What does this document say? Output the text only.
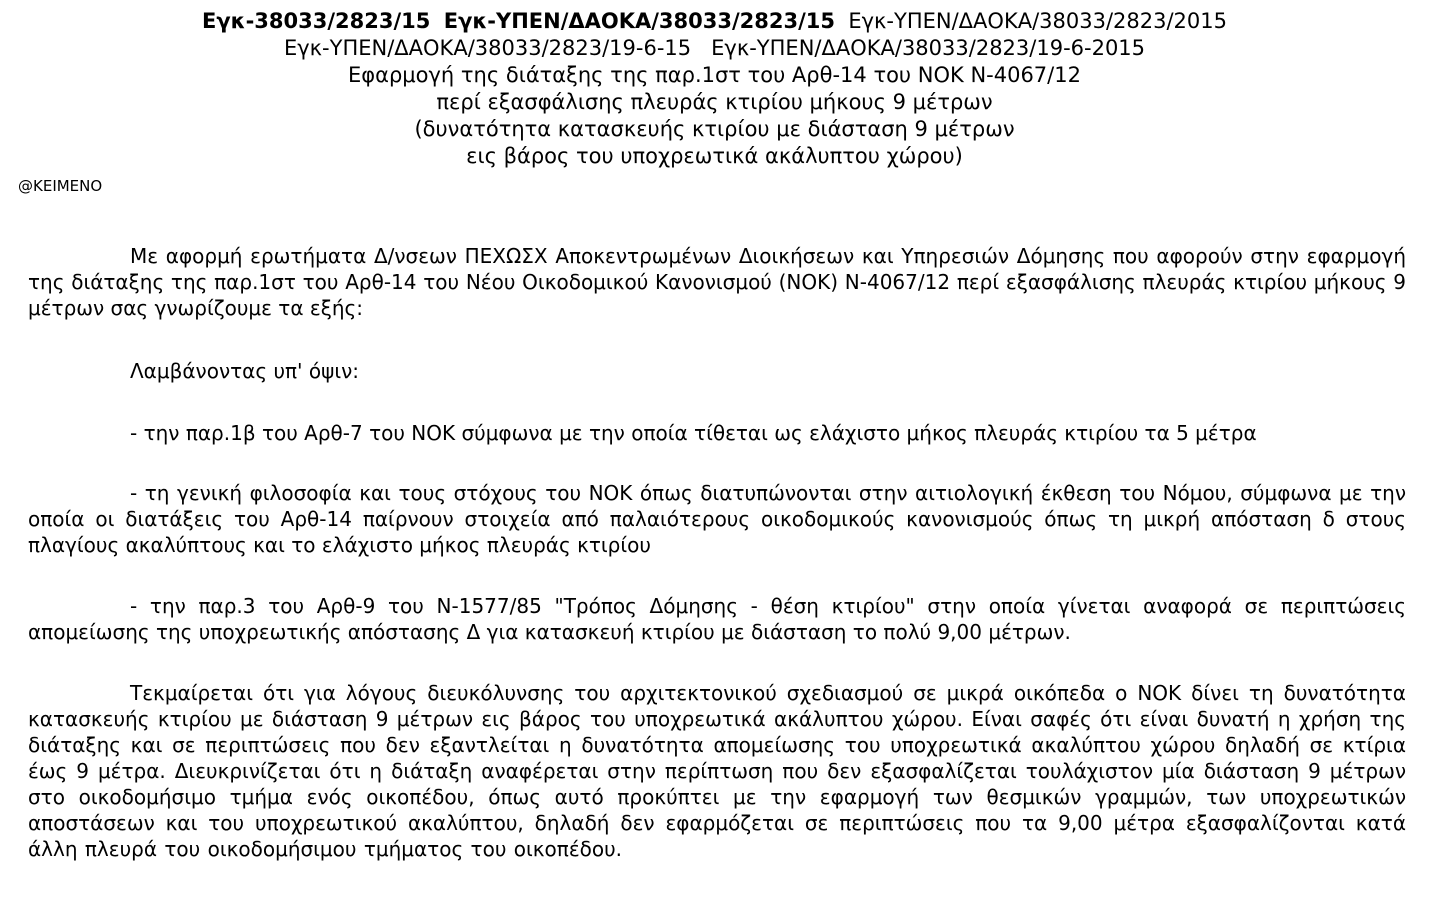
Εγκ-38033/2823/15 Εγκ-ΥΠΕΝ/ΔΑΟΚΑ/38033/2823/15 Εγκ-ΥΠΕΝ/ΔΑΟΚΑ/38033/2823/2015
Εγκ-ΥΠΕΝ/ΔΑΟΚΑ/38033/2823/19-6-15 Εγκ-ΥΠΕΝ/ΔΑΟΚΑ/38033/2823/19-6-2015
Εφαρμογή της διάταξης της παρ.1στ του Αρθ-14 του ΝΟΚ Ν-4067/12
περί εξασφάλισης πλευράς κτιρίου μήκους 9 μέτρων
(δυνατότητα κατασκευής κτιρίου με διάσταση 9 μέτρων
εις βάρος του υποχρεωτικά ακάλυπτου χώρου)
@ΚΕΙΜΕΝΟ

Με αφορμή ερωτήματα Δ/νσεων ΠΕΧΩΣΧ Αποκεντρωμένων Διοικήσεων και Υπηρεσιών Δόμησης που αφορούν στην εφαρμογή της διάταξης της παρ.1στ του Αρθ-14 του Νέου Οικοδομικού Κανονισμού (ΝΟΚ) Ν-4067/12 περί εξασφάλισης πλευράς κτιρίου μήκους 9 μέτρων σας γνωρίζουμε τα εξής:

Λαμβάνοντας υπ' όψιν:

- την παρ.1β του Αρθ-7 του ΝΟΚ σύμφωνα με την οποία τίθεται ως ελάχιστο μήκος πλευράς κτιρίου τα 5 μέτρα

- τη γενική φιλοσοφία και τους στόχους του ΝΟΚ όπως διατυπώνονται στην αιτιολογική έκθεση του Νόμου, σύμφωνα με την οποία οι διατάξεις του Αρθ-14 παίρνουν στοιχεία από παλαιότερους οικοδομικούς κανονισμούς όπως τη μικρή απόσταση δ στους πλαγίους ακαλύπτους και το ελάχιστο μήκος πλευράς κτιρίου

- την παρ.3 του Αρθ-9 του Ν-1577/85 "Τρόπος Δόμησης - θέση κτιρίου" στην οποία γίνεται αναφορά σε περιπτώσεις απομείωσης της υποχρεωτικής απόστασης Δ για κατασκευή κτιρίου με διάσταση το πολύ 9,00 μέτρων.

Τεκμαίρεται ότι για λόγους διευκόλυνσης του αρχιτεκτονικού σχεδιασμού σε μικρά οικόπεδα ο ΝΟΚ δίνει τη δυνατότητα κατασκευής κτιρίου με διάσταση 9 μέτρων εις βάρος του υποχρεωτικά ακάλυπτου χώρου. Είναι σαφές ότι είναι δυνατή η χρήση της διάταξης και σε περιπτώσεις που δεν εξαντλείται η δυνατότητα απομείωσης του υποχρεωτικά ακαλύπτου χώρου δηλαδή σε κτίρια έως 9 μέτρα. Διευκρινίζεται ότι η διάταξη αναφέρεται στην περίπτωση που δεν εξασφαλίζεται τουλάχιστον μία διάσταση 9 μέτρων στο οικοδομήσιμο τμήμα ενός οικοπέδου, όπως αυτό προκύπτει με την εφαρμογή των θεσμικών γραμμών, των υποχρεωτικών αποστάσεων και του υποχρεωτικού ακαλύπτου, δηλαδή δεν εφαρμόζεται σε περιπτώσεις που τα 9,00 μέτρα εξασφαλίζονται κατά άλλη πλευρά του οικοδομήσιμου τμήματος του οικοπέδου.
